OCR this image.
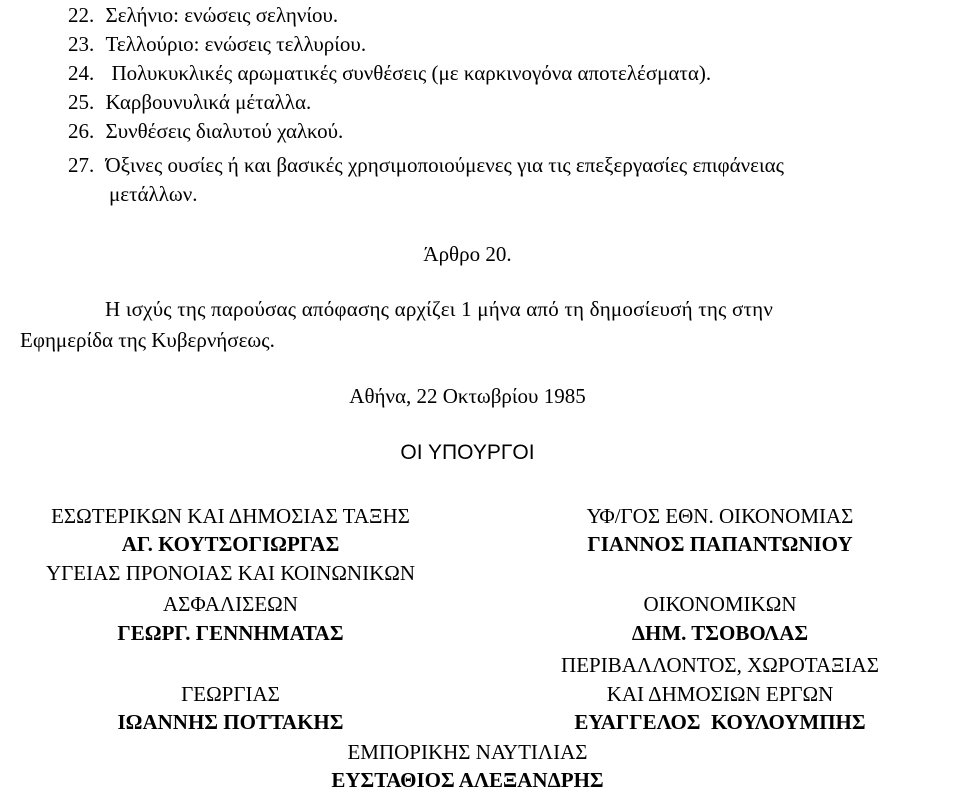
22. Σελήνιο: ενώσεις σεληνίου.
23. Τελλούριο: ενώσεις τελλυρίου.
24. Πολυκυκλικές αρωματικές συνθέσεις (με καρκινογόνα αποτελέσματα).
25. Καρβουνυλικά μέταλλα.
26. Συνθέσεις διαλυτού χαλκού.
27. Όξινες ουσίες ή και βασικές χρησιμοποιούμενες για τις επεξεργασίες επιφάνειας
μετάλλων.
Άρθρο 20.
Η ισχύς της παρούσας απόφασης αρχίζει 1 μήνα από τη δημοσίευσή της στην
Εφημερίδα της Κυβερνήσεως.
Αθήνα, 22 Οκτωβρίου 1985
ΟΙ ΥΠΟΥΡΓΟΙ
ΕΣΩΤΕΡΙΚΩΝ ΚΑΙ ΔΗΜΟΣΙΑΣ ΤΑΞΗΣ
ΑΓ. ΚΟΥΤΣΟΓΙΩΡΓΑΣ
ΥΓΕΙΑΣ ΠΡΟΝΟΙΑΣ ΚΑΙ ΚΟΙΝΩΝΙΚΩΝ
ΑΣΦΑΛΙΣΕΩΝ
ΓΕΩΡΓ. ΓΕΝΝΗΜΑΤΑΣ
ΓΕΩΡΓΙΑΣ
ΙΩΑΝΝΗΣ ΠΟΤΤΑΚΗΣ
ΥΦ/ΓΟΣ ΕΘΝ. ΟΙΚΟΝΟΜΙΑΣ
ΓΙΑΝΝΟΣ ΠΑΠΑΝΤΩΝΙΟΥ
ΟΙΚΟΝΟΜΙΚΩΝ
ΔΗΜ. ΤΣΟΒΟΛΑΣ
ΠΕΡΙΒΑΛΛΟΝΤΟΣ, ΧΩΡΟΤΑΞΙΑΣ
ΚΑΙ ΔΗΜΟΣΙΩΝ ΕΡΓΩΝ
ΕΥΑΓΓΕΛΟΣ  ΚΟΥΛΟΥΜΠΗΣ
ΕΜΠΟΡΙΚΗΣ ΝΑΥΤΙΛΙΑΣ
ΕΥΣΤΑΘΙΟΣ ΑΛΕΞΑΝΔΡΗΣ
